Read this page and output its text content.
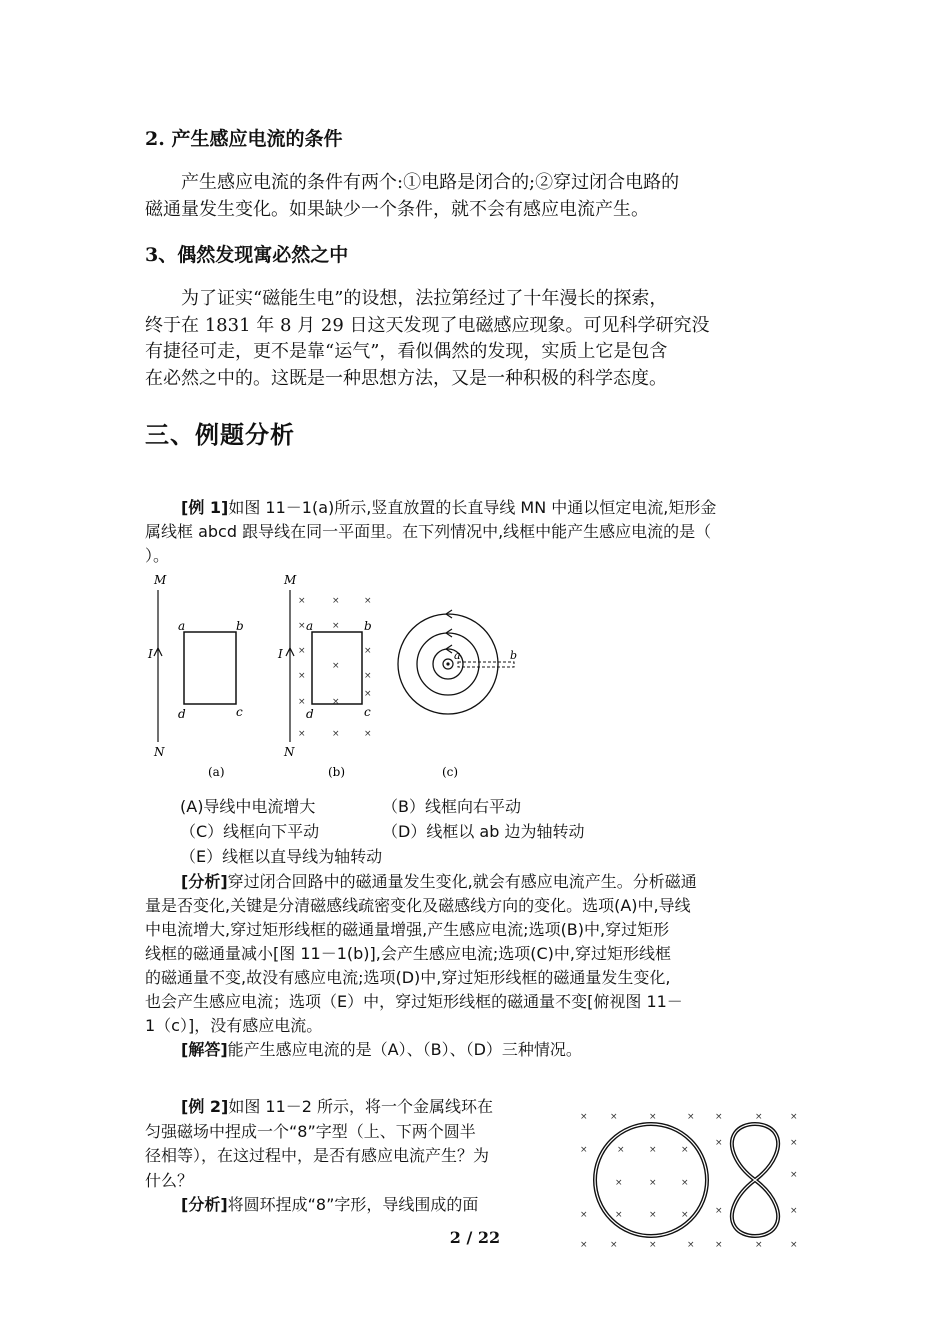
2. 产生感应电流的条件

产生感应电流的条件有两个:①电路是闭合的;②穿过闭合电路的

磁通量发生变化。如果缺少一个条件，就不会有感应电流产生。

3、偶然发现寓必然之中

为了证实“磁能生电”的设想，法拉第经过了十年漫长的探索，

终于在 1831 年 8 月 29 日这天发现了电磁感应现象。可见科学研究没

有捷径可走，更不是靠“运气”，看似偶然的发现，实质上它是包含

在必然之中的。这既是一种思想方法，又是一种积极的科学态度。

三、例题分析

[例 1]如图 11－1(a)所示,竖直放置的长直导线 MN 中通以恒定电流,矩形金

属线框 abcd 跟导线在同一平面里。在下列情况中,线框中能产生感应电流的是（

）。

M
N
I
a	b
c
d
M
N
I
a	b
c
d
×	×	×
×	×
×	×
×
×
×
×	×
×
×	×	×
a	b
(a)	(b)	(c)
(A)导线中电流增大	（B）线框向右平动
（C）线框向下平动	（D）线框以 ab 边为轴转动
（E）线框以直导线为轴转动

[分析]穿过闭合回路中的磁通量发生变化,就会有感应电流产生。分析磁通

量是否变化,关键是分清磁感线疏密变化及磁感线方向的变化。选项(A)中,导线

中电流增大,穿过矩形线框的磁通量增强,产生感应电流;选项(B)中,穿过矩形

线框的磁通量减小[图 11－1(b)],会产生感应电流;选项(C)中,穿过矩形线框

的磁通量不变,故没有感应电流;选项(D)中,穿过矩形线框的磁通量发生变化,

也会产生感应电流；选项（E）中，穿过矩形线框的磁通量不变[俯视图 11－

1（c）]，没有感应电流。

[解答]能产生感应电流的是（A）、（B）、（D）三种情况。

[例 2]如图 11－2 所示，将一个金属线环在

匀强磁场中捏成一个“8”字型（上、下两个圆半

径相等），在这过程中，是否有感应电流产生？为

什么？

[分析]将圆环捏成“8”字形，导线围成的面

× ×	×	× ×	×	×
×	×	×	×
×	×
×	×	×
×
×	×	×	×	×	×
× ×	×	× ×	×	×
2 / 22
